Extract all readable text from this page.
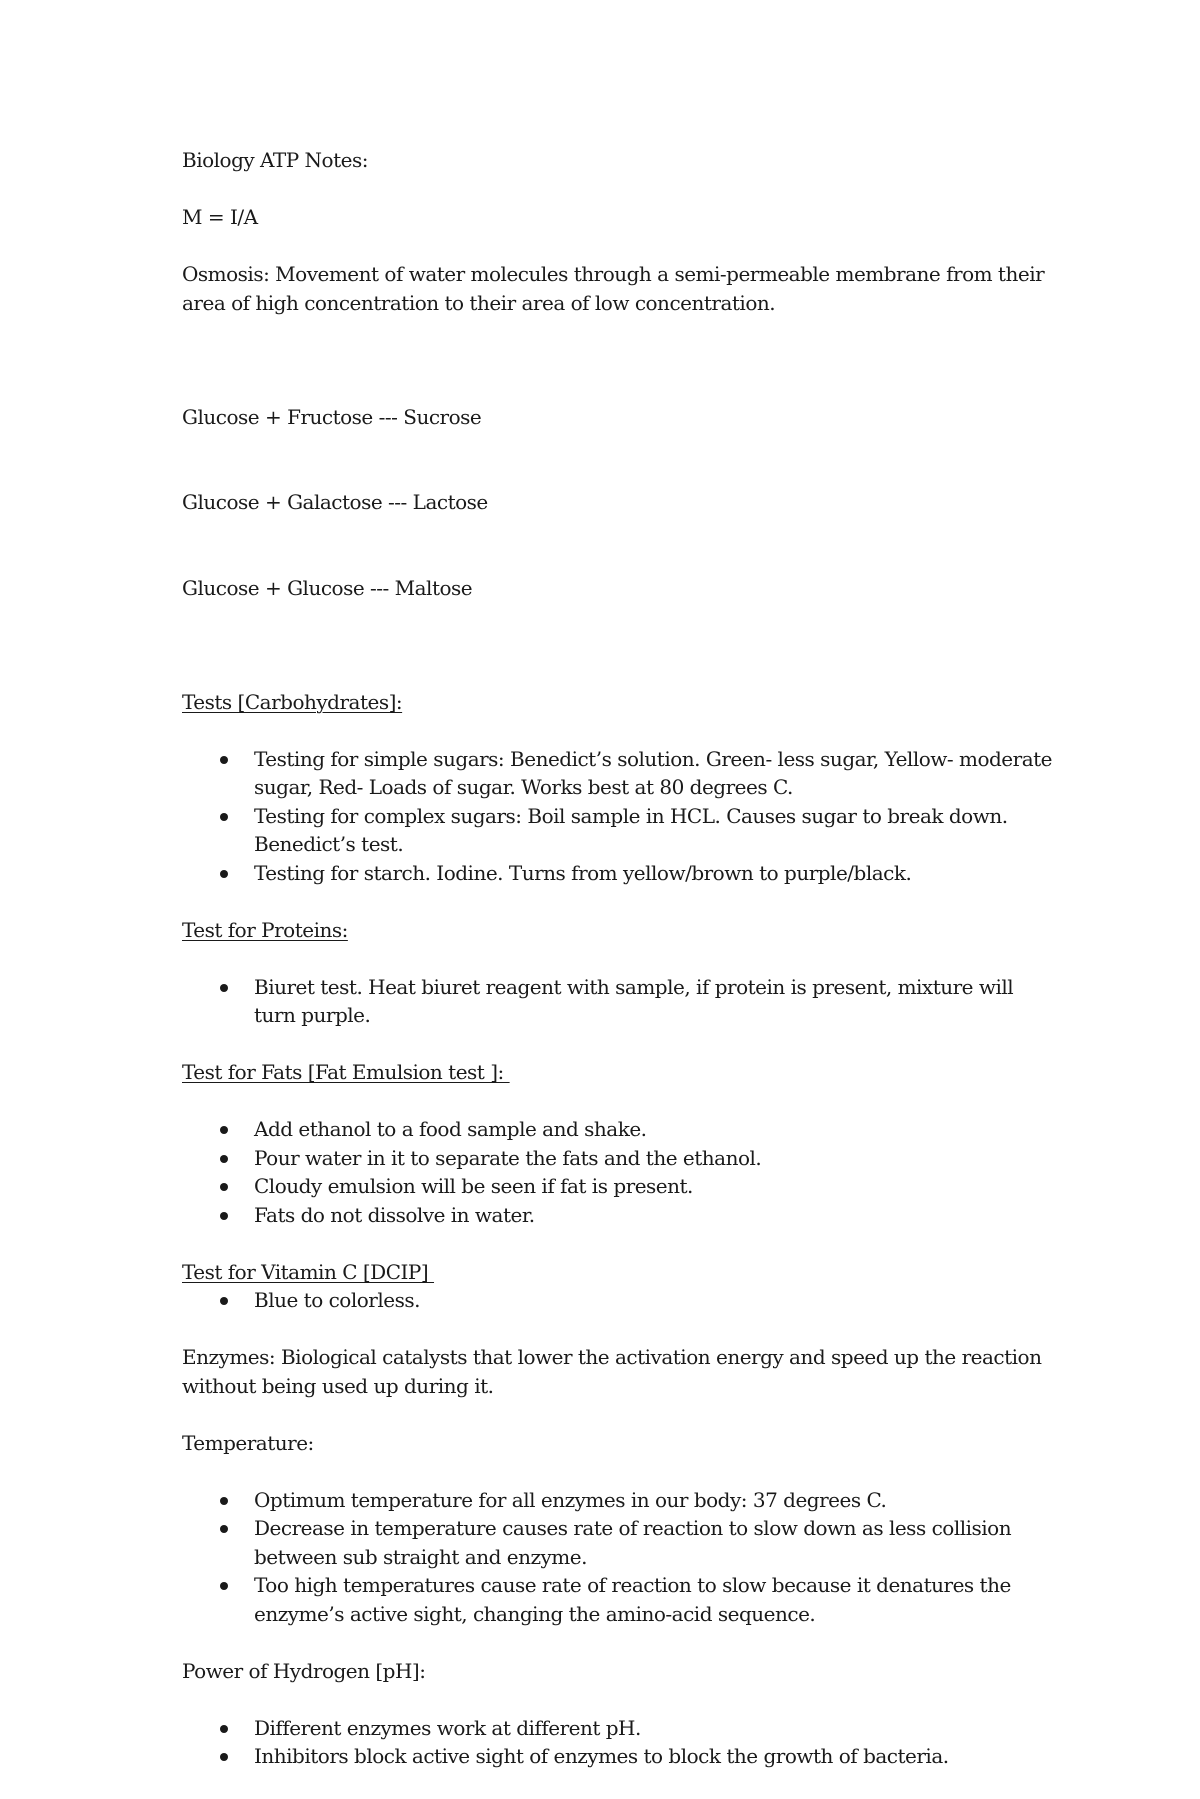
Biology ATP Notes:

M = I/A

Osmosis: Movement of water molecules through a semi-permeable membrane from their area of high concentration to their area of low concentration.

Glucose + Fructose --- Sucrose

Glucose + Galactose --- Lactose

Glucose + Glucose --- Maltose

Tests [Carbohydrates]:

Testing for simple sugars: Benedict’s solution. Green- less sugar, Yellow- moderate sugar, Red- Loads of sugar. Works best at 80 degrees C.
Testing for complex sugars: Boil sample in HCL. Causes sugar to break down. Benedict’s test.
Testing for starch. Iodine. Turns from yellow/brown to purple/black.

Test for Proteins:

Biuret test. Heat biuret reagent with sample, if protein is present, mixture will turn purple.

Test for Fats [Fat Emulsion test ]:

Add ethanol to a food sample and shake.
Pour water in it to separate the fats and the ethanol.
Cloudy emulsion will be seen if fat is present.
Fats do not dissolve in water.

Test for Vitamin C [DCIP]

Blue to colorless.

Enzymes: Biological catalysts that lower the activation energy and speed up the reaction without being used up during it.

Temperature:

Optimum temperature for all enzymes in our body: 37 degrees C.
Decrease in temperature causes rate of reaction to slow down as less collision between sub straight and enzyme.
Too high temperatures cause rate of reaction to slow because it denatures the enzyme’s active sight, changing the amino-acid sequence.

Power of Hydrogen [pH]:

Different enzymes work at different pH.
Inhibitors block active sight of enzymes to block the growth of bacteria.
